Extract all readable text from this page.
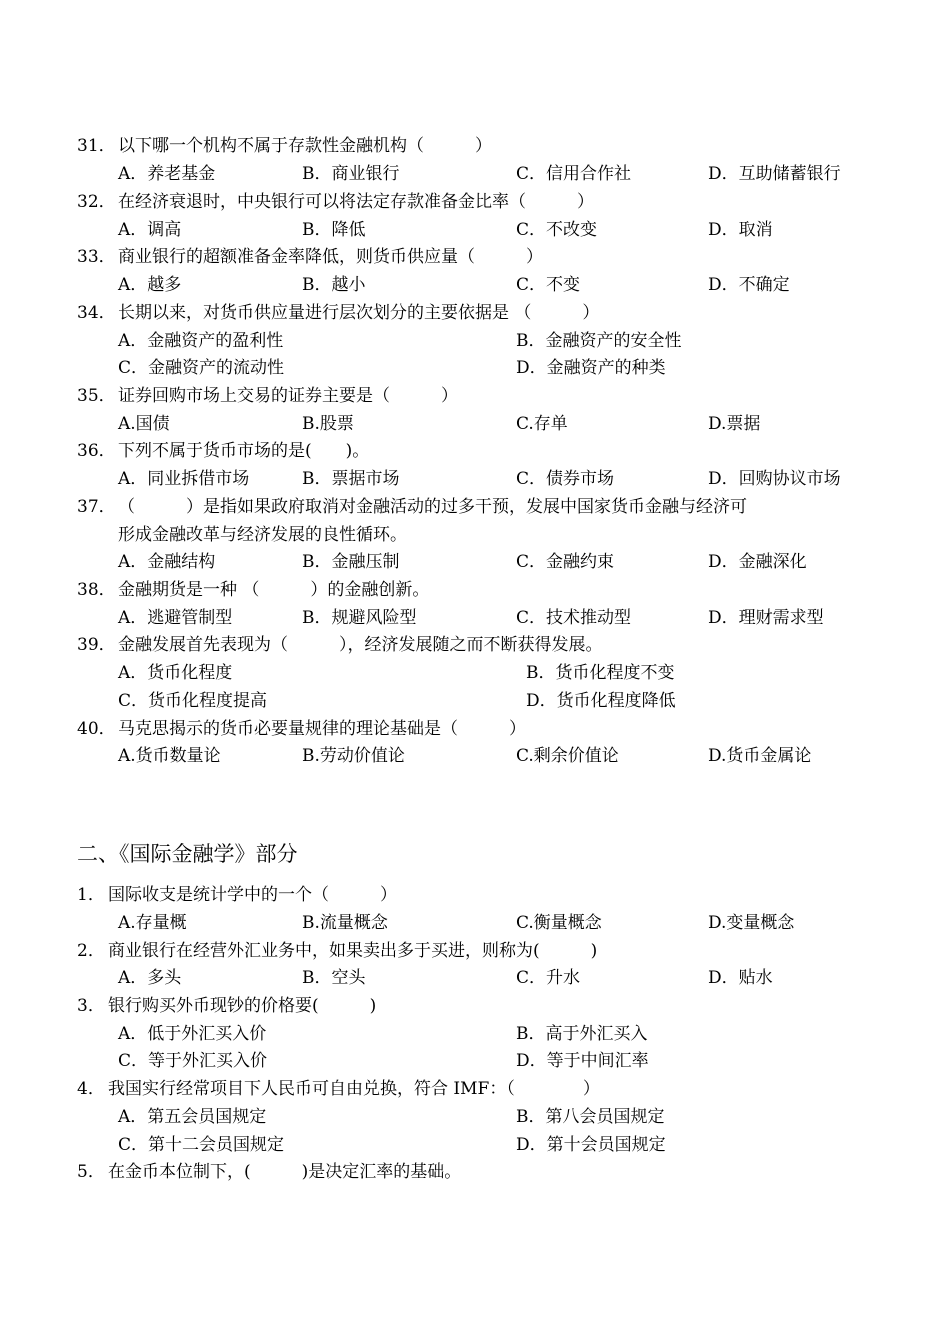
31． 以下哪一个机构不属于存款性金融机构（　　　）
A．养老基金	B．商业银行	C．信用合作社	D．互助储蓄银行
32． 在经济衰退时，中央银行可以将法定存款准备金比率（　　　）
A．调高	B．降低	C．不改变	D．取消
33． 商业银行的超额准备金率降低，则货币供应量（　　　）
A．越多	B．越小	C．不变	D．不确定
34． 长期以来，对货币供应量进行层次划分的主要依据是 （　　　）
A．金融资产的盈利性	B．金融资产的安全性
C．金融资产的流动性	D．金融资产的种类
35． 证券回购市场上交易的证券主要是（　　　）
A.国债	B.股票	C.存单	D.票据
36． 下列不属于货币市场的是(　　)。
A．同业拆借市场	B．票据市场	C．债券市场	D．回购协议市场
37． （　　　）是指如果政府取消对金融活动的过多干预，发展中国家货币金融与经济可
形成金融改革与经济发展的良性循环。
A．金融结构	B．金融压制	C．金融约束	D．金融深化
38． 金融期货是一种 （　　　）的金融创新。
A．逃避管制型	B．规避风险型	C．技术推动型	D．理财需求型
39． 金融发展首先表现为（　　　），经济发展随之而不断获得发展。
A．货币化程度	B．货币化程度不变
C．货币化程度提高	D．货币化程度降低
40． 马克思揭示的货币必要量规律的理论基础是（　　　）
A.货币数量论	B.劳动价值论	C.剩余价值论	D.货币金属论
二、《国际金融学》部分
1． 国际收支是统计学中的一个（　　　）
A.存量概	B.流量概念	C.衡量概念	D.变量概念
2． 商业银行在经营外汇业务中，如果卖出多于买进，则称为(　　　)
A．多头	B．空头	C．升水	D．贴水
3． 银行购买外币现钞的价格要(　　　)
A．低于外汇买入价	B．高于外汇买入
C．等于外汇买入价	D．等于中间汇率
4． 我国实行经常项目下人民币可自由兑换，符合 IMF：（　　　　）
A．第五会员国规定	B．第八会员国规定
C．第十二会员国规定	D．第十会员国规定
5． 在金币本位制下，(　　　)是决定汇率的基础。
